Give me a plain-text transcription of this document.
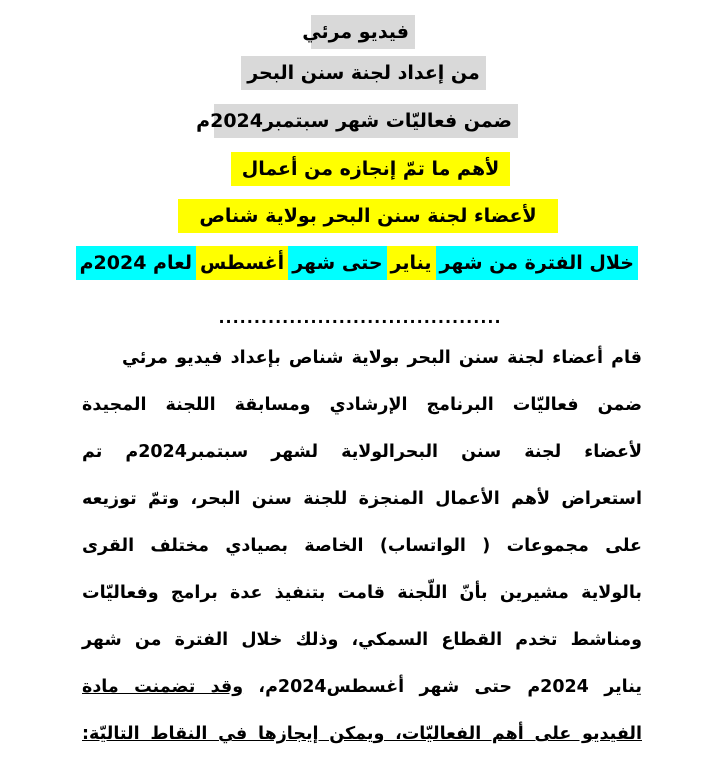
فيديو مرئي
من إعداد لجنة سنن البحر
ضمن فعاليّات شهر سبتمبر2024م
لأهم ما تمّ إنجازه من أعمال
لأعضاء لجنة سنن البحر بولاية شناص
خلال الفترة من شهرينايرحتى شهرأغسطسلعام 2024م
........................................
قام أعضاء لجنة سنن البحر بولاية شناص بإعداد فيديو مرئي
ضمن فعاليّات البرنامج الإرشادي ومسابقة اللجنة المجيدة
لأعضاء لجنة سنن البحرالولاية لشهر سبتمبر2024م تم
استعراض لأهم الأعمال المنجزة للجنة سنن البحر، وتمّ توزيعه
على مجموعات ( الواتساب) الخاصة بصيادي مختلف القرى
بالولاية مشيرين بأنّ اللّجنة قامت بتنفيذ عدة برامج وفعاليّات
ومناشط تخدم القطاع السمكي، وذلك خلال الفترة من شهر
يناير 2024م حتى شهر أغسطس2024م، وقد تضمنت مادة
الفيديو على أهم الفعاليّات، ويمكن إيجازها في النقاط التاليّة:
